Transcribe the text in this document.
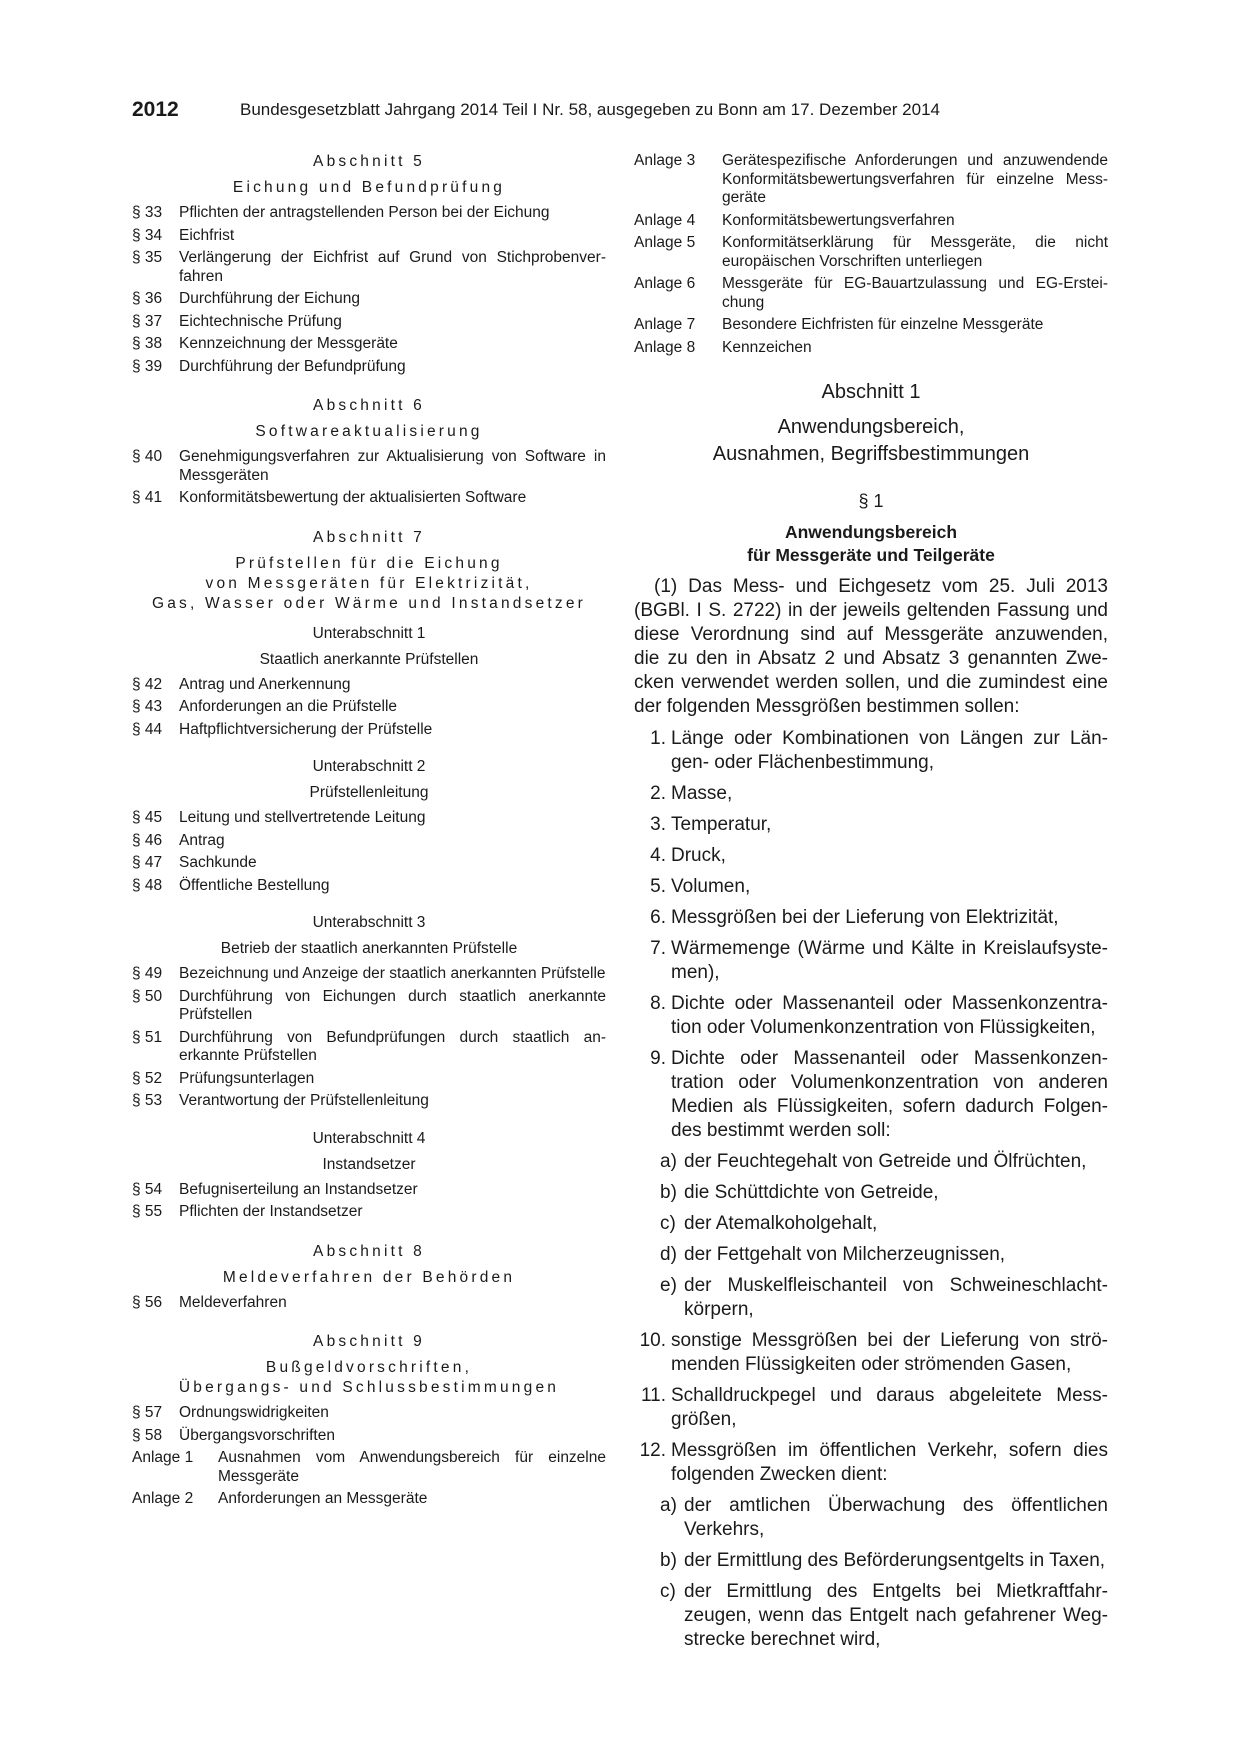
2012	Bundesgesetzblatt Jahrgang 2014 Teil I Nr. 58, ausgegeben zu Bonn am 17. Dezember 2014
Abschnitt 5
Eichung und Befundprüfung
§ 33	Pflichten der antragstellenden Person bei der Eichung
§ 34	Eichfrist
§ 35	Verlängerung der Eichfrist auf Grund von Stichprobenverfahren
§ 36	Durchführung der Eichung
§ 37	Eichtechnische Prüfung
§ 38	Kennzeichnung der Messgeräte
§ 39	Durchführung der Befundprüfung
Abschnitt 6
Softwareaktualisierung
§ 40	Genehmigungsverfahren zur Aktualisierung von Software in Messgeräten
§ 41	Konformitätsbewertung der aktualisierten Software
Abschnitt 7
Prüfstellen für die Eichung
von Messgeräten für Elektrizität,
Gas, Wasser oder Wärme und Instandsetzer
Unterabschnitt 1
Staatlich anerkannte Prüfstellen
§ 42	Antrag und Anerkennung
§ 43	Anforderungen an die Prüfstelle
§ 44	Haftpflichtversicherung der Prüfstelle
Unterabschnitt 2
Prüfstellenleitung
§ 45	Leitung und stellvertretende Leitung
§ 46	Antrag
§ 47	Sachkunde
§ 48	Öffentliche Bestellung
Unterabschnitt 3
Betrieb der staatlich anerkannten Prüfstelle
§ 49	Bezeichnung und Anzeige der staatlich anerkannten Prüfstelle
§ 50	Durchführung von Eichungen durch staatlich anerkannte Prüfstellen
§ 51	Durchführung von Befundprüfungen durch staatlich anerkannte Prüfstellen
§ 52	Prüfungsunterlagen
§ 53	Verantwortung der Prüfstellenleitung
Unterabschnitt 4
Instandsetzer
§ 54	Befugniserteilung an Instandsetzer
§ 55	Pflichten der Instandsetzer
Abschnitt 8
Meldeverfahren der Behörden
§ 56	Meldeverfahren
Abschnitt 9
Bußgeldvorschriften,
Übergangs- und Schlussbestimmungen
§ 57	Ordnungswidrigkeiten
§ 58	Übergangsvorschriften
Anlage 1	Ausnahmen vom Anwendungsbereich für einzelne Messgeräte
Anlage 2	Anforderungen an Messgeräte
Anlage 3	Gerätespezifische Anforderungen und anzuwendende Konformitätsbewertungsverfahren für einzelne Messgeräte
Anlage 4	Konformitätsbewertungsverfahren
Anlage 5	Konformitätserklärung für Messgeräte, die nicht europäischen Vorschriften unterliegen
Anlage 6	Messgeräte für EG-Bauartzulassung und EG-Ersteichung
Anlage 7	Besondere Eichfristen für einzelne Messgeräte
Anlage 8	Kennzeichen
Abschnitt 1
Anwendungsbereich,
Ausnahmen, Begriffsbestimmungen
§ 1
Anwendungsbereich
für Messgeräte und Teilgeräte

(1) Das Mess- und Eichgesetz vom 25. Juli 2013 (BGBl. I S. 2722) in der jeweils geltenden Fassung und diese Verordnung sind auf Messgeräte anzuwenden, die zu den in Absatz 2 und Absatz 3 genannten Zwecken verwendet werden sollen, und die zumindest eine der folgenden Messgrößen bestimmen sollen:

1. Länge oder Kombinationen von Längen zur Längen- oder Flächenbestimmung,
2. Masse,
3. Temperatur,
4. Druck,
5. Volumen,
6. Messgrößen bei der Lieferung von Elektrizität,
7. Wärmemenge (Wärme und Kälte in Kreislaufsystemen),
8. Dichte oder Massenanteil oder Massenkonzentration oder Volumenkonzentration von Flüssigkeiten,
9. Dichte oder Massenanteil oder Massenkonzentration oder Volumenkonzentration von anderen Medien als Flüssigkeiten, sofern dadurch Folgendes bestimmt werden soll:
a) der Feuchtegehalt von Getreide und Ölfrüchten,
b) die Schüttdichte von Getreide,
c) der Atemalkoholgehalt,
d) der Fettgehalt von Milcherzeugnissen,
e) der Muskelfleischanteil von Schweineschlachtkörpern,
10. sonstige Messgrößen bei der Lieferung von strömenden Flüssigkeiten oder strömenden Gasen,
11. Schalldruckpegel und daraus abgeleitete Messgrößen,
12. Messgrößen im öffentlichen Verkehr, sofern dies folgenden Zwecken dient:
a) der amtlichen Überwachung des öffentlichen Verkehrs,
b) der Ermittlung des Beförderungsentgelts in Taxen,
c) der Ermittlung des Entgelts bei Mietkraftfahrzeugen, wenn das Entgelt nach gefahrener Wegstrecke berechnet wird,
